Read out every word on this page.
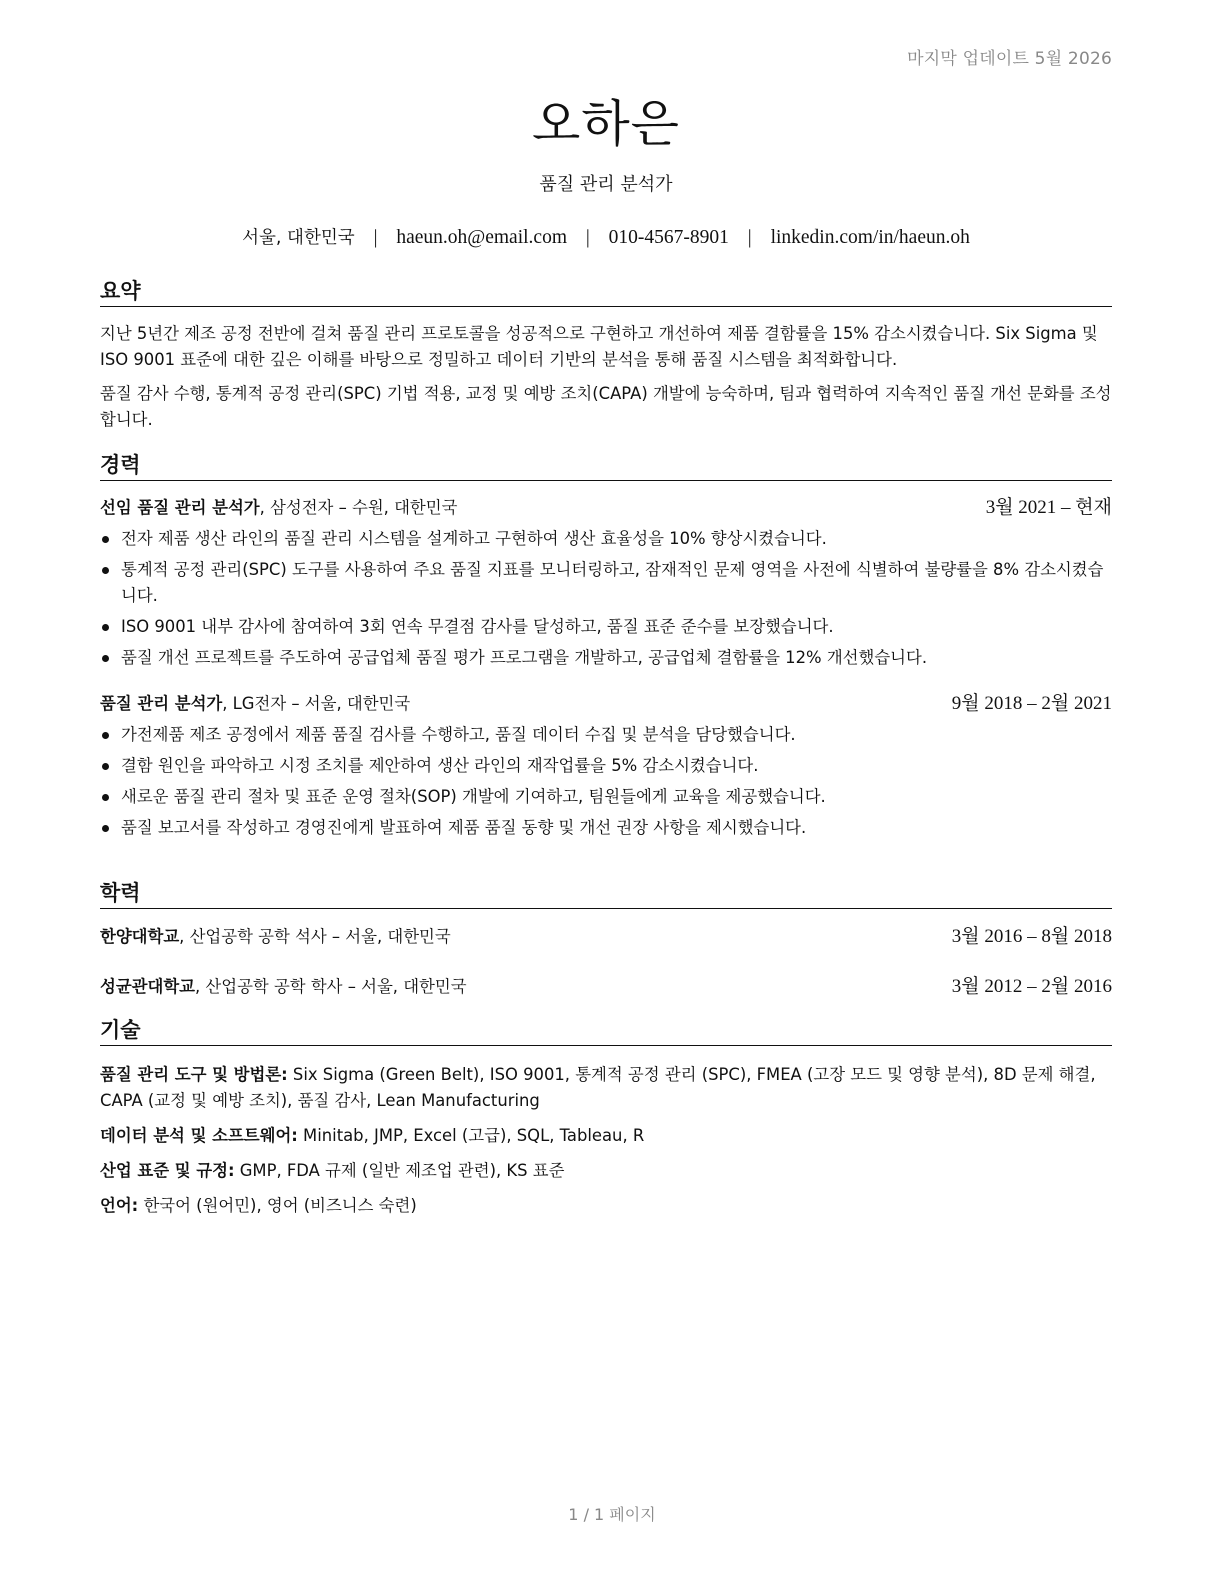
마지막 업데이트 5월 2026
오하은
품질 관리 분석가
서울, 대한민국 | haeun.oh@email.com | 010-4567-8901 | linkedin.com/in/haeun.oh
요약

지난 5년간 제조 공정 전반에 걸쳐 품질 관리 프로토콜을 성공적으로 구현하고 개선하여 제품 결함률을 15% 감소시켰습니다. Six Sigma 및 ISO 9001 표준에 대한 깊은 이해를 바탕으로 정밀하고 데이터 기반의 분석을 통해 품질 시스템을 최적화합니다.

품질 감사 수행, 통계적 공정 관리(SPC) 기법 적용, 교정 및 예방 조치(CAPA) 개발에 능숙하며, 팀과 협력하여 지속적인 품질 개선 문화를 조성합니다.

경력
선임 품질 관리 분석가, 삼성전자 – 수원, 대한민국	3월 2021 – 현재
전자 제품 생산 라인의 품질 관리 시스템을 설계하고 구현하여 생산 효율성을 10% 향상시켰습니다.
통계적 공정 관리(SPC) 도구를 사용하여 주요 품질 지표를 모니터링하고, 잠재적인 문제 영역을 사전에 식별하여 불량률을 8% 감소시켰습니다.
ISO 9001 내부 감사에 참여하여 3회 연속 무결점 감사를 달성하고, 품질 표준 준수를 보장했습니다.
품질 개선 프로젝트를 주도하여 공급업체 품질 평가 프로그램을 개발하고, 공급업체 결함률을 12% 개선했습니다.
품질 관리 분석가, LG전자 – 서울, 대한민국	9월 2018 – 2월 2021
가전제품 제조 공정에서 제품 품질 검사를 수행하고, 품질 데이터 수집 및 분석을 담당했습니다.
결함 원인을 파악하고 시정 조치를 제안하여 생산 라인의 재작업률을 5% 감소시켰습니다.
새로운 품질 관리 절차 및 표준 운영 절차(SOP) 개발에 기여하고, 팀원들에게 교육을 제공했습니다.
품질 보고서를 작성하고 경영진에게 발표하여 제품 품질 동향 및 개선 권장 사항을 제시했습니다.
학력
한양대학교, 산업공학 공학 석사 – 서울, 대한민국	3월 2016 – 8월 2018
성균관대학교, 산업공학 공학 학사 – 서울, 대한민국	3월 2012 – 2월 2016
기술

품질 관리 도구 및 방법론: Six Sigma (Green Belt), ISO 9001, 통계적 공정 관리 (SPC), FMEA (고장 모드 및 영향 분석), 8D 문제 해결, CAPA (교정 및 예방 조치), 품질 감사, Lean Manufacturing

데이터 분석 및 소프트웨어: Minitab, JMP, Excel (고급), SQL, Tableau, R

산업 표준 및 규정: GMP, FDA 규제 (일반 제조업 관련), KS 표준

언어: 한국어 (원어민), 영어 (비즈니스 숙련)

1 / 1 페이지
